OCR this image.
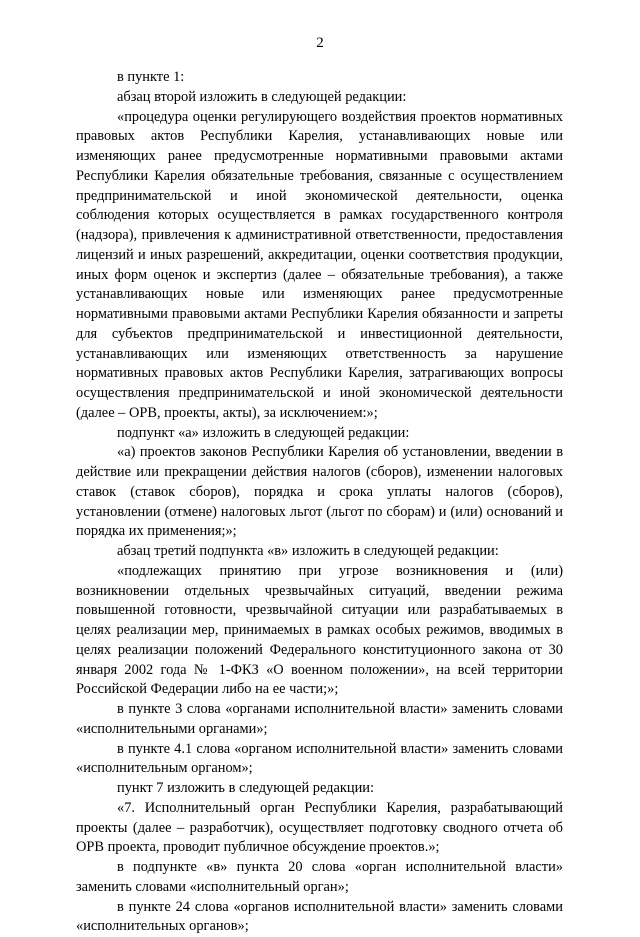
2

в пункте 1:

абзац второй изложить в следующей редакции:

«процедура оценки регулирующего воздействия проектов нормативных правовых актов Республики Карелия, устанавливающих новые или изменяющих ранее предусмотренные нормативными правовыми актами Республики Карелия обязательные требования, связанные с осуществлением предпринимательской и иной экономической деятельности, оценка соблюдения которых осуществляется в рамках государственного контроля (надзора), привлечения к административной ответственности, предоставления лицензий и иных разрешений, аккредитации, оценки соответствия продукции, иных форм оценок и экспертиз (далее – обязательные требования), а также устанавливающих новые или изменяющих ранее предусмотренные нормативными правовыми актами Республики Карелия обязанности и запреты для субъектов предпринимательской и инвестиционной деятельности, устанавливающих или изменяющих ответственность за нарушение нормативных правовых актов Республики Карелия, затрагивающих вопросы осуществления предпринимательской и иной экономической деятельности (далее – ОРВ, проекты, акты), за исключением:»;

подпункт «а» изложить в следующей редакции:

«а) проектов законов Республики Карелия об установлении, введении в действие или прекращении действия налогов (сборов), изменении налоговых ставок (ставок сборов), порядка и срока уплаты налогов (сборов), установлении (отмене) налоговых льгот (льгот по сборам) и (или) оснований и порядка их применения;»;

абзац третий подпункта «в» изложить в следующей редакции:

«подлежащих принятию при угрозе возникновения и (или) возникновении отдельных чрезвычайных ситуаций, введении режима повышенной готовности, чрезвычайной ситуации или разрабатываемых в целях реализации мер, принимаемых в рамках особых режимов, вводимых в целях реализации положений Федерального конституционного закона от 30 января 2002 года № 1-ФКЗ «О военном положении», на всей территории Российской Федерации либо на ее части;»;

в пункте 3 слова «органами исполнительной власти» заменить словами «исполнительными органами»;

в пункте 4.1 слова «органом исполнительной власти» заменить словами «исполнительным органом»;

пункт 7 изложить в следующей редакции:

«7. Исполнительный орган Республики Карелия, разрабатывающий проекты (далее – разработчик), осуществляет подготовку сводного отчета об ОРВ проекта, проводит публичное обсуждение проектов.»;

в подпункте «в» пункта 20 слова «орган исполнительной власти» заменить словами «исполнительный орган»;

в пункте 24 слова «органов исполнительной власти» заменить словами «исполнительных органов»;
